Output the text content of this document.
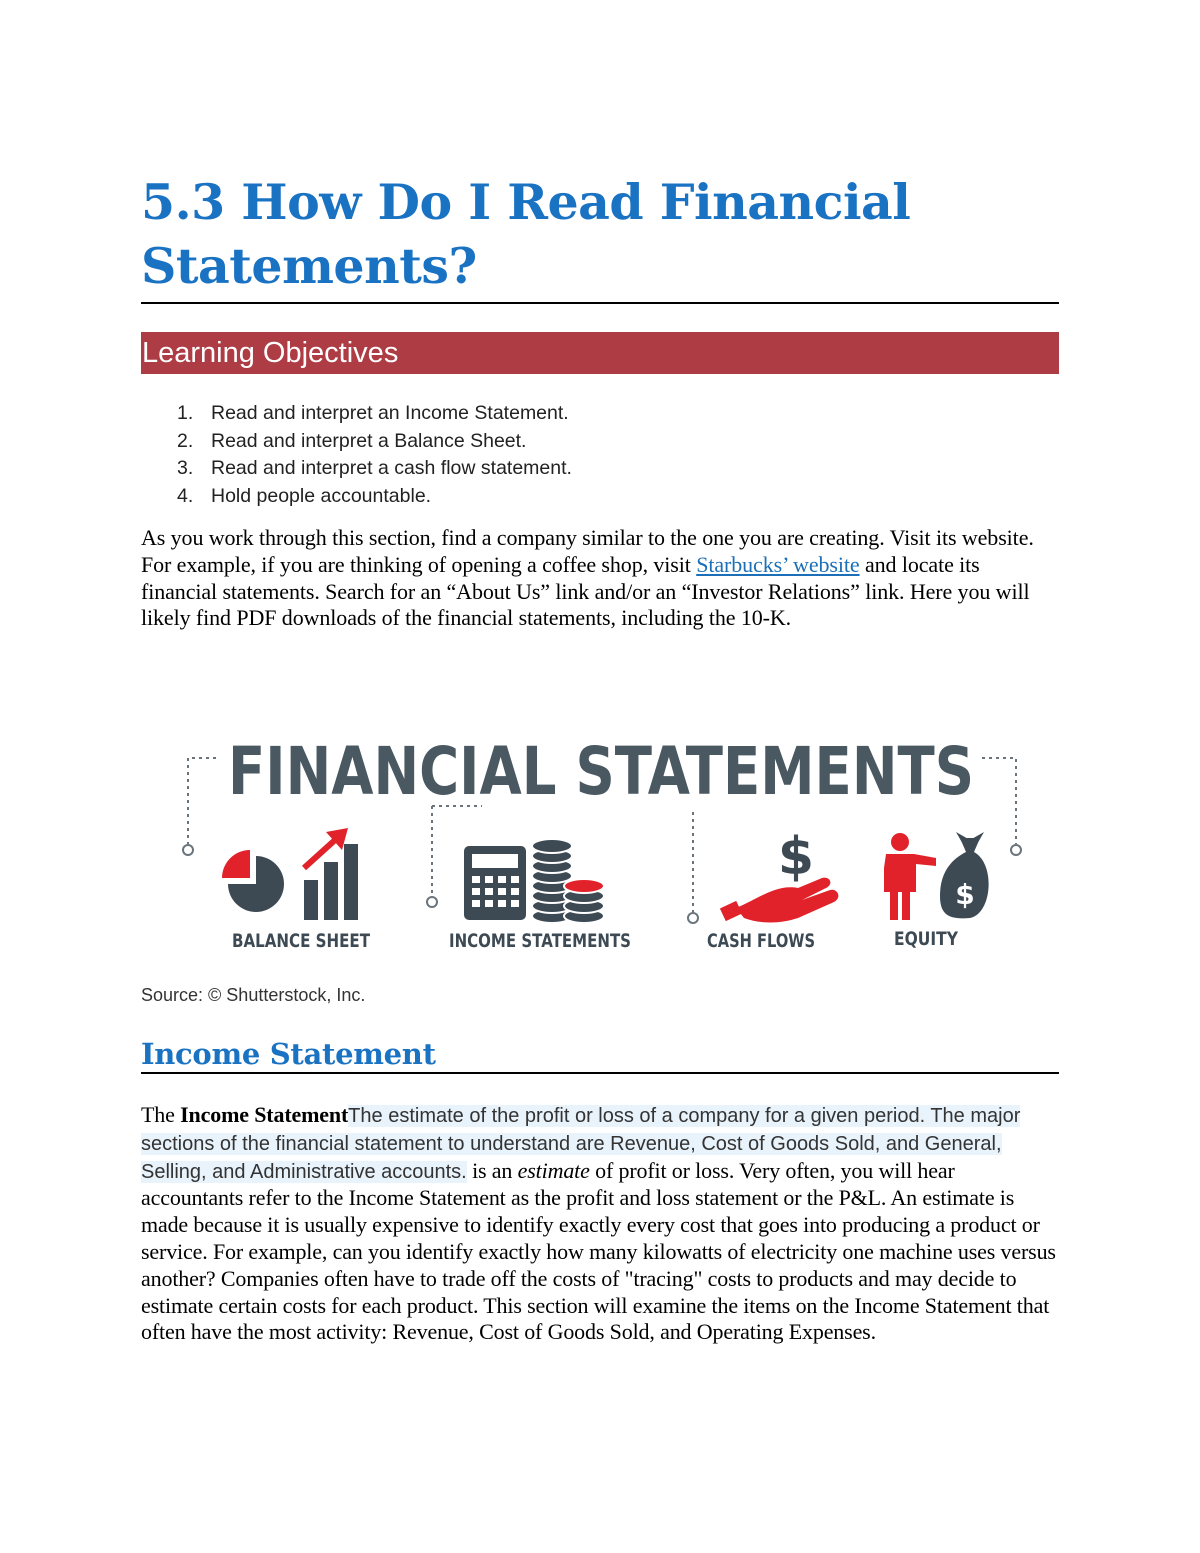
5.3 How Do I Read Financial Statements?
Learning Objectives
1. Read and interpret an Income Statement.
2. Read and interpret a Balance Sheet.
3. Read and interpret a cash flow statement.
4. Hold people accountable.

As you work through this section, find a company similar to the one you are creating. Visit its website. For example, if you are thinking of opening a coffee shop, visit Starbucks’ website and locate its financial statements. Search for an “About Us” link and/or an “Investor Relations” link. Here you will likely find PDF downloads of the financial statements, including the 10-K.

FINANCIAL STATEMENTS
$
$
BALANCE SHEET	INCOME STATEMENTS	CASH FLOWS	EQUITY

Source: © Shutterstock, Inc.

Income Statement

The Income StatementThe estimate of the profit or loss of a company for a given period. The major sections of the financial statement to understand are Revenue, Cost of Goods Sold, and General, Selling, and Administrative accounts. is an estimate of profit or loss. Very often, you will hear accountants refer to the Income Statement as the profit and loss statement or the P&L. An estimate is made because it is usually expensive to identify exactly every cost that goes into producing a product or service. For example, can you identify exactly how many kilowatts of electricity one machine uses versus another? Companies often have to trade off the costs of "tracing" costs to products and may decide to estimate certain costs for each product. This section will examine the items on the Income Statement that often have the most activity: Revenue, Cost of Goods Sold, and Operating Expenses.
